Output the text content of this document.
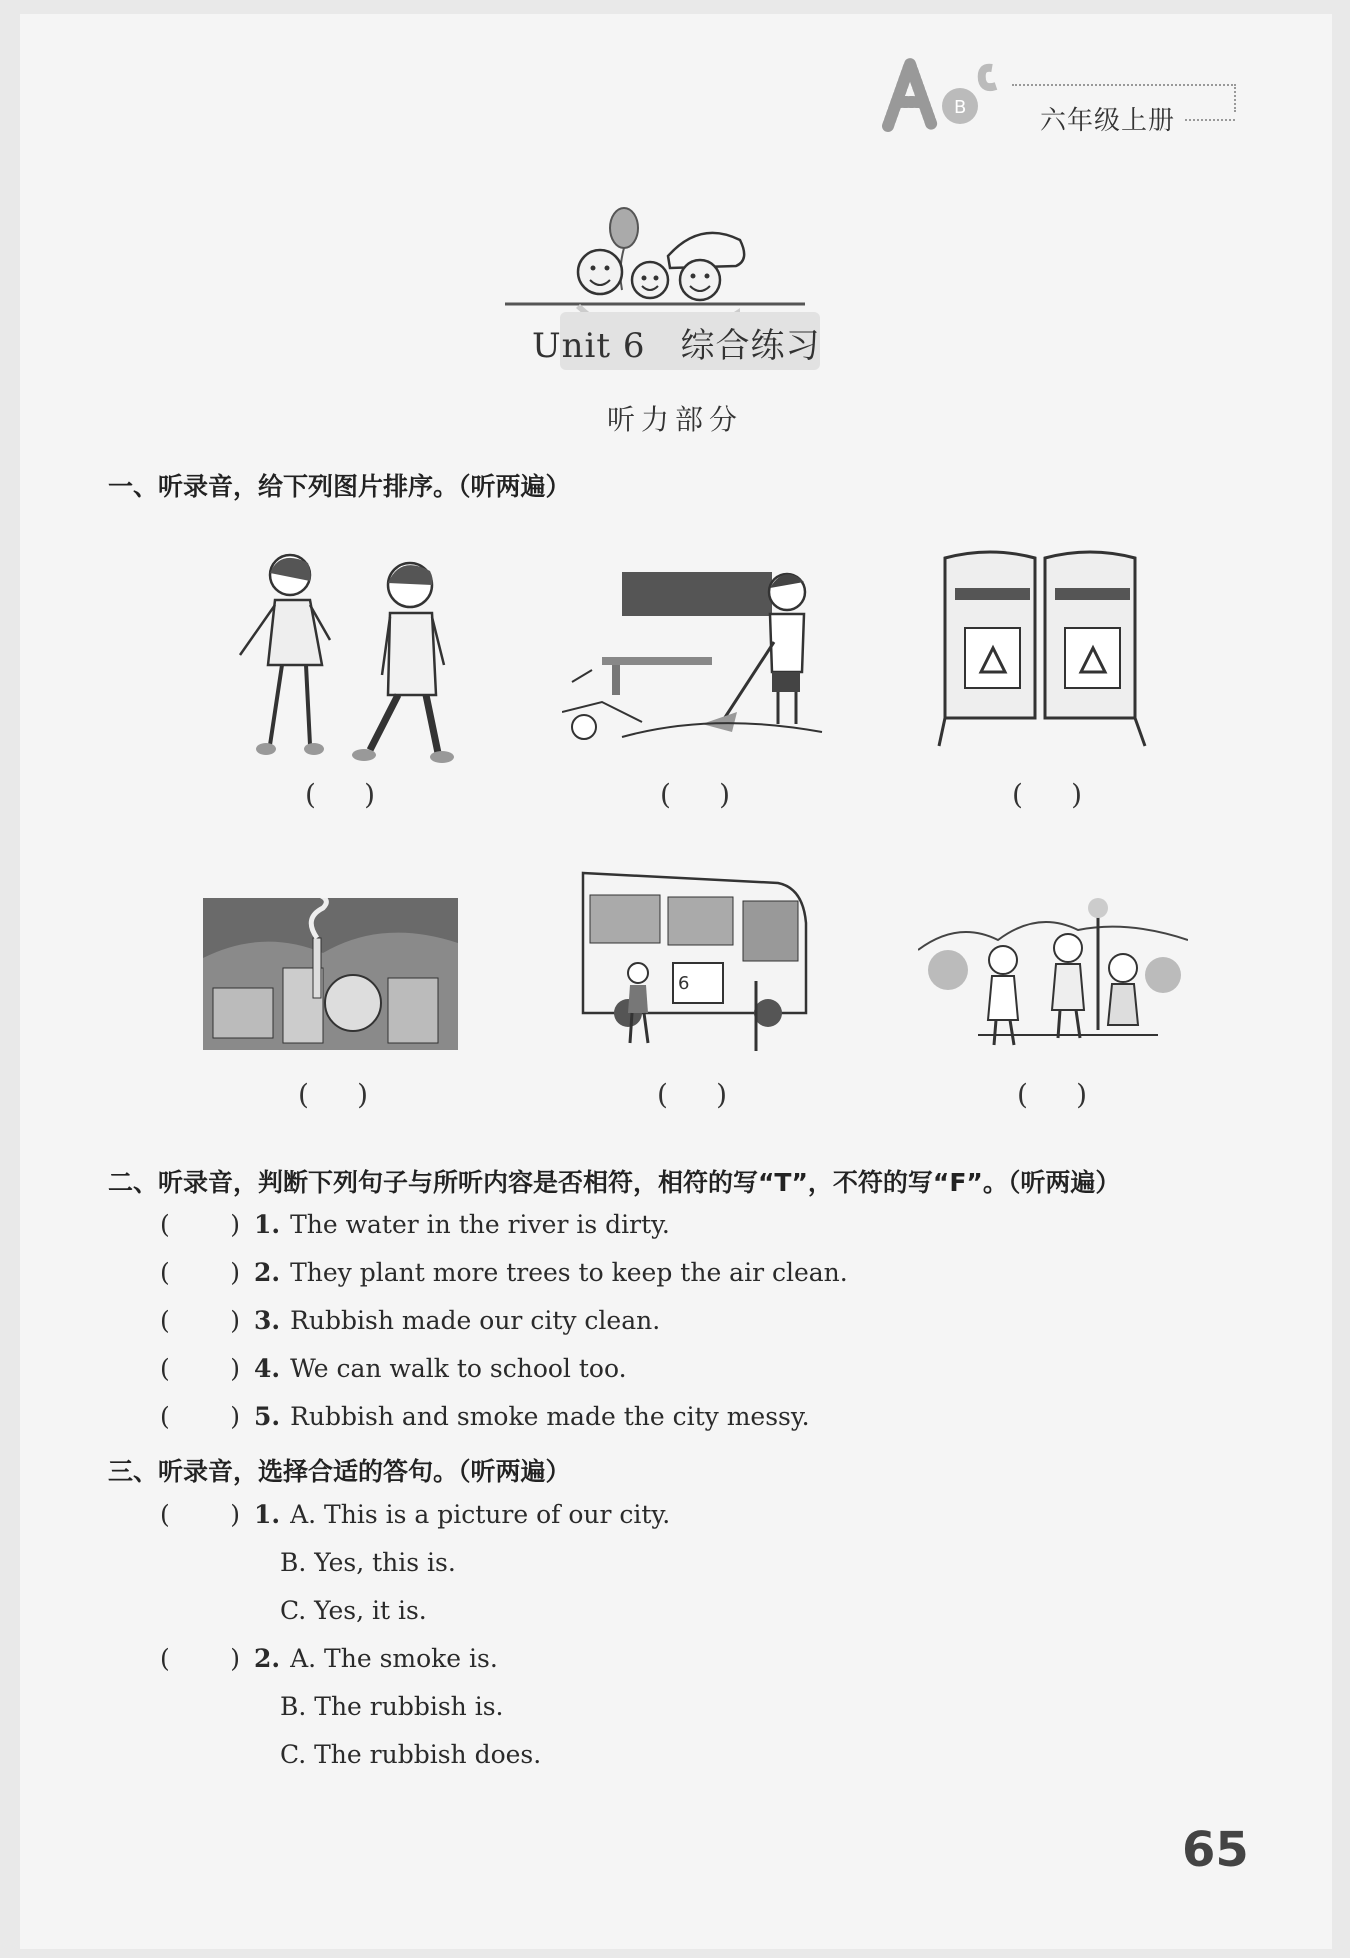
B	六年级上册
Unit 6　综合练习
听力部分
一、听录音，给下列图片排序。（听两遍）
( )	( )	( )
6
( )	( )	( )
二、听录音，判断下列句子与所听内容是否相符，相符的写“T”，不符的写“F”。（听两遍）
( ) 1. The water in the river is dirty.
( ) 2. They plant more trees to keep the air clean.
( ) 3. Rubbish made our city clean.
( ) 4. We can walk to school too.
( ) 5. Rubbish and smoke made the city messy.
三、听录音，选择合适的答句。（听两遍）
( ) 1. A. This is a picture of our city.
B. Yes, this is.
C. Yes, it is.
( ) 2. A. The smoke is.
B. The rubbish is.
C. The rubbish does.
65
